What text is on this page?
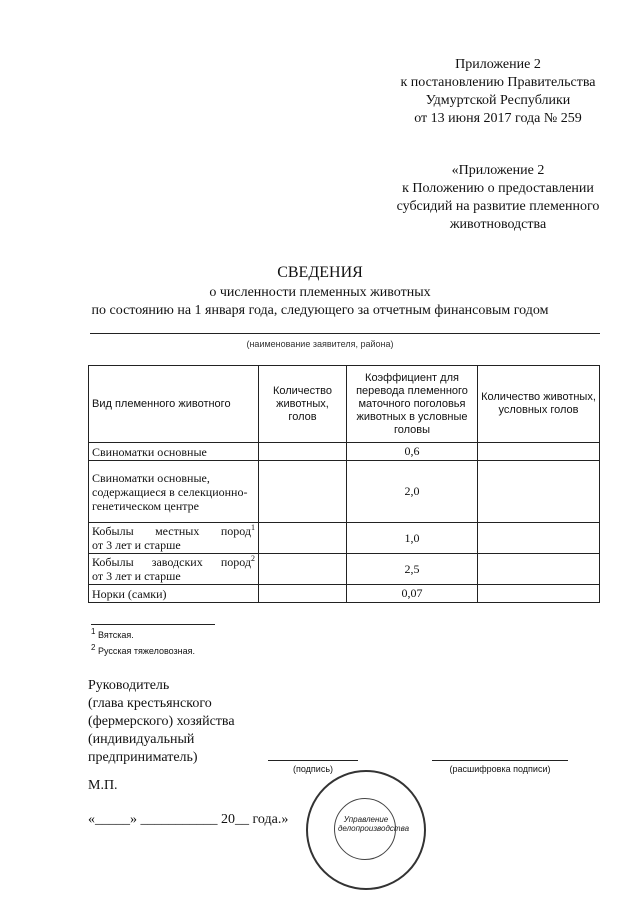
Приложение 2
к постановлению Правительства
Удмуртской Республики
от 13 июня 2017 года № 259
«Приложение 2
к Положению о предоставлении
субсидий на развитие племенного
животноводства
СВЕДЕНИЯ
о численности племенных животных
по состоянию на 1 января года, следующего за отчетным финансовым годом
(наименование заявителя, района)
Вид племенного животного	Количество животных, голов	Коэффициент для перевода племенного маточного поголовья животных в условные головы	Количество животных, условных голов
Свиноматки основные		0,6	
Свиноматки основные, содержащиеся в селекционно-генетическом центре		2,0	

Кобылы местных пород$^1$
от 3 лет и старше		1,0	

Кобылы заводских пород$^2$
от 3 лет и старше		2,5	
Норки (самки)		0,07	
$^1$ Вятская.
$^2$ Русская тяжеловозная.
Руководитель
(глава крестьянского
(фермерского) хозяйства
(индивидуальный
предприниматель)
(подпись)	(расшифровка подписи)
Управление
делопроизводства
М.П.
«_____» ___________ 20__ года.»
